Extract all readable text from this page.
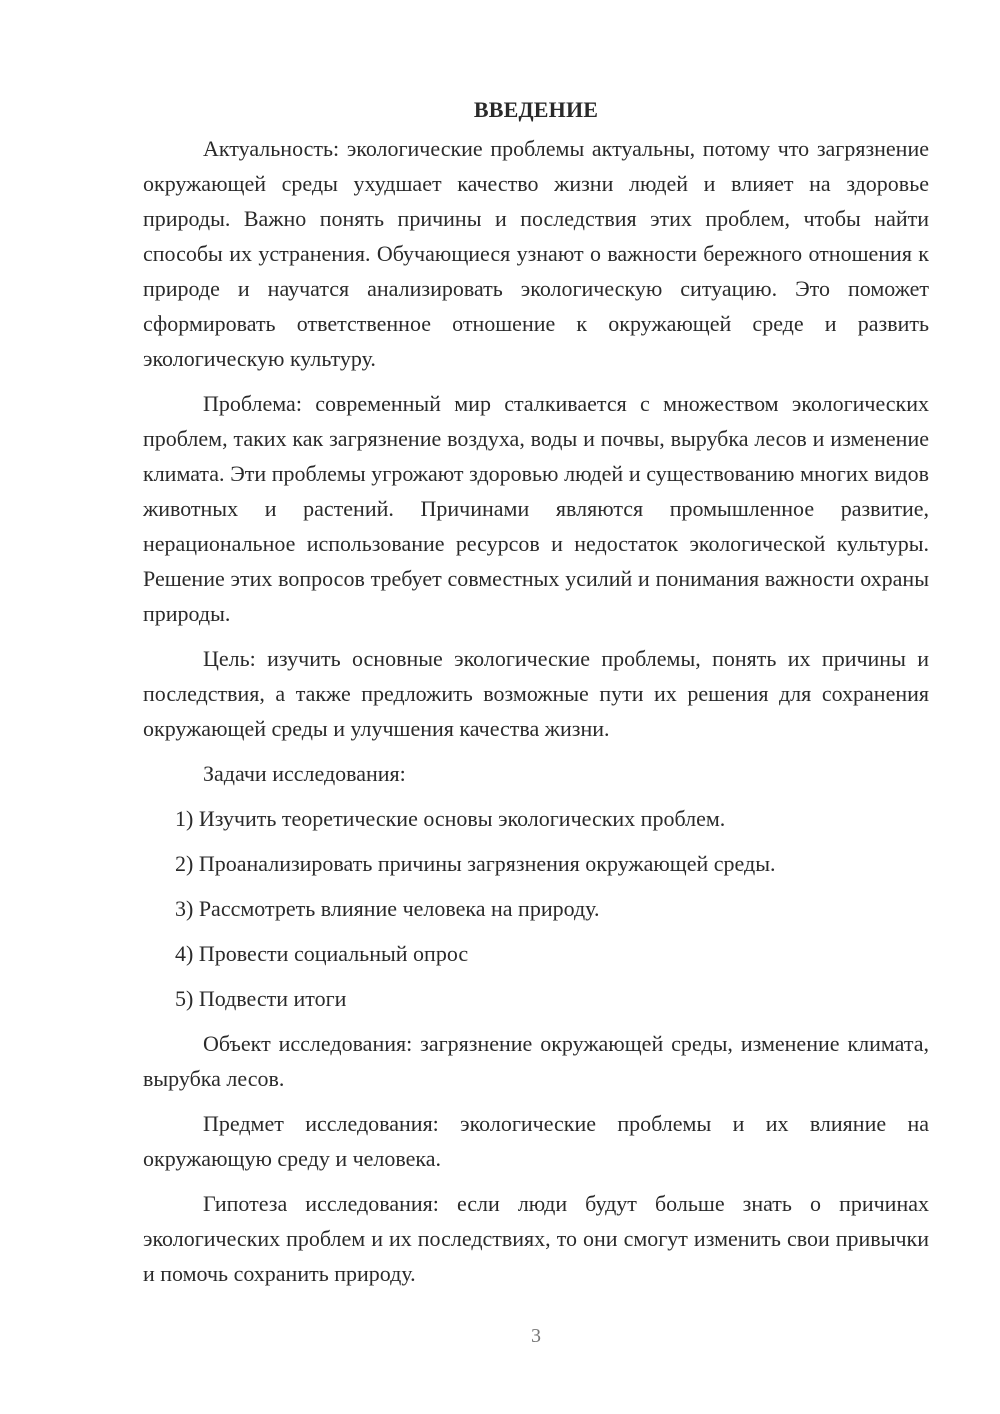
ВВЕДЕНИЕ

Актуальность: экологические проблемы актуальны, потому что загрязнение окружающей среды ухудшает качество жизни людей и влияет на здоровье природы. Важно понять причины и последствия этих проблем, чтобы найти способы их устранения. Обучающиеся узнают о важности бережного отношения к природе и научатся анализировать экологическую ситуацию. Это поможет сформировать ответственное отношение к окружающей среде и развить экологическую культуру.

Проблема: современный мир сталкивается с множеством экологических проблем, таких как загрязнение воздуха, воды и почвы, вырубка лесов и изменение климата. Эти проблемы угрожают здоровью людей и существованию многих видов животных и растений. Причинами являются промышленное развитие, нерациональное использование ресурсов и недостаток экологической культуры. Решение этих вопросов требует совместных усилий и понимания важности охраны природы.

Цель: изучить основные экологические проблемы, понять их причины и последствия, а также предложить возможные пути их решения для сохранения окружающей среды и улучшения качества жизни.

Задачи исследования:

1) Изучить теоретические основы экологических проблем.

2) Проанализировать причины загрязнения окружающей среды.

3) Рассмотреть влияние человека на природу.

4) Провести социальный опрос

5) Подвести итоги

Объект исследования: загрязнение окружающей среды, изменение климата, вырубка лесов.

Предмет исследования: экологические проблемы и их влияние на окружающую среду и человека.

Гипотеза исследования: если люди будут больше знать о причинах экологических проблем и их последствиях, то они смогут изменить свои привычки и помочь сохранить природу.

3
